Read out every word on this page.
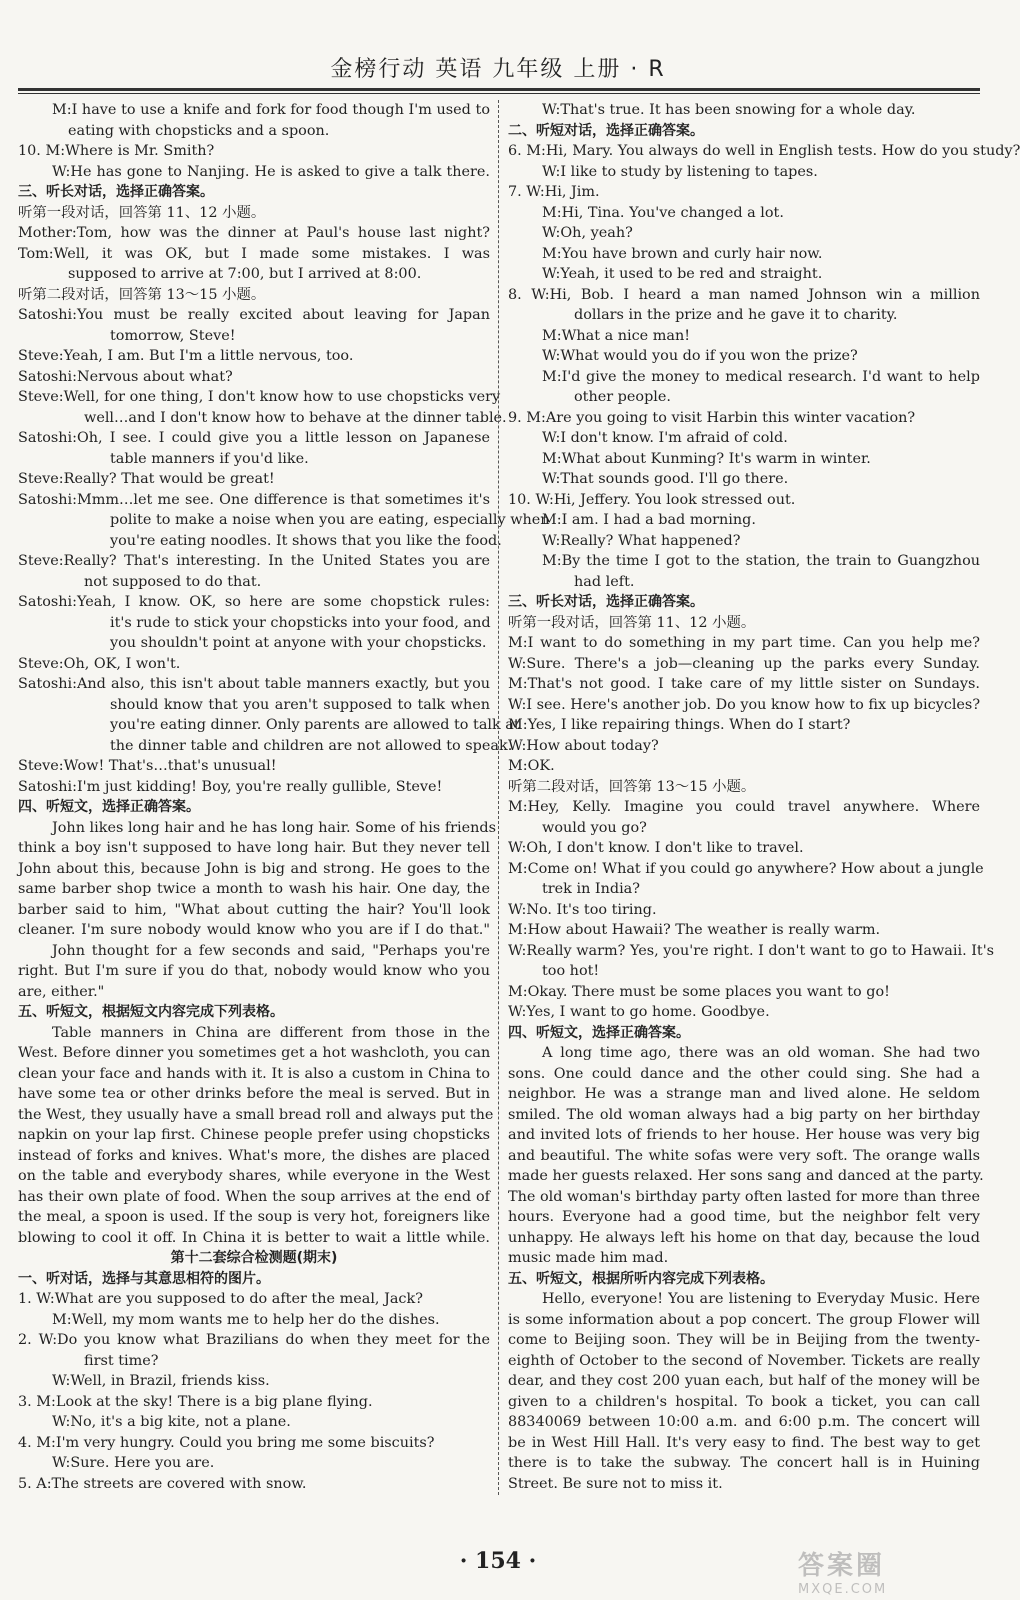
金榜行动 英语 九年级 上册 · R
M:I have to use a knife and fork for food though I'm used to
eating with chopsticks and a spoon.
10. M:Where is Mr. Smith?
W:He has gone to Nanjing. He is asked to give a talk there.
三、听长对话，选择正确答案。
听第一段对话，回答第 11、12 小题。
Mother:Tom, how was the dinner at Paul's house last night?
Tom:Well, it was OK, but I made some mistakes. I was
supposed to arrive at 7:00, but I arrived at 8:00.
听第二段对话，回答第 13～15 小题。
Satoshi:You must be really excited about leaving for Japan
tomorrow, Steve!
Steve:Yeah, I am. But I'm a little nervous, too.
Satoshi:Nervous about what?
Steve:Well, for one thing, I don't know how to use chopsticks very
well…and I don't know how to behave at the dinner table.
Satoshi:Oh, I see. I could give you a little lesson on Japanese
table manners if you'd like.
Steve:Really? That would be great!
Satoshi:Mmm…let me see. One difference is that sometimes it's
polite to make a noise when you are eating, especially when
you're eating noodles. It shows that you like the food.
Steve:Really? That's interesting. In the United States you are
not supposed to do that.
Satoshi:Yeah, I know. OK, so here are some chopstick rules:
it's rude to stick your chopsticks into your food, and
you shouldn't point at anyone with your chopsticks.
Steve:Oh, OK, I won't.
Satoshi:And also, this isn't about table manners exactly, but you
should know that you aren't supposed to talk when
you're eating dinner. Only parents are allowed to talk at
the dinner table and children are not allowed to speak.
Steve:Wow! That's…that's unusual!
Satoshi:I'm just kidding! Boy, you're really gullible, Steve!
四、听短文，选择正确答案。
John likes long hair and he has long hair. Some of his friends
think a boy isn't supposed to have long hair. But they never tell
John about this, because John is big and strong. He goes to the
same barber shop twice a month to wash his hair. One day, the
barber said to him, "What about cutting the hair? You'll look
cleaner. I'm sure nobody would know who you are if I do that."
John thought for a few seconds and said, "Perhaps you're
right. But I'm sure if you do that, nobody would know who you
are, either."
五、听短文，根据短文内容完成下列表格。
Table manners in China are different from those in the
West. Before dinner you sometimes get a hot washcloth, you can
clean your face and hands with it. It is also a custom in China to
have some tea or other drinks before the meal is served. But in
the West, they usually have a small bread roll and always put the
napkin on your lap first. Chinese people prefer using chopsticks
instead of forks and knives. What's more, the dishes are placed
on the table and everybody shares, while everyone in the West
has their own plate of food. When the soup arrives at the end of
the meal, a spoon is used. If the soup is very hot, foreigners like
blowing to cool it off. In China it is better to wait a little while.
第十二套综合检测题(期末)
一、听对话，选择与其意思相符的图片。
1. W:What are you supposed to do after the meal, Jack?
M:Well, my mom wants me to help her do the dishes.
2. W:Do you know what Brazilians do when they meet for the
first time?
W:Well, in Brazil, friends kiss.
3. M:Look at the sky! There is a big plane flying.
W:No, it's a big kite, not a plane.
4. M:I'm very hungry. Could you bring me some biscuits?
W:Sure. Here you are.
5. A:The streets are covered with snow.
W:That's true. It has been snowing for a whole day.
二、听短对话，选择正确答案。
6. M:Hi, Mary. You always do well in English tests. How do you study?
W:I like to study by listening to tapes.
7. W:Hi, Jim.
M:Hi, Tina. You've changed a lot.
W:Oh, yeah?
M:You have brown and curly hair now.
W:Yeah, it used to be red and straight.
8. W:Hi, Bob. I heard a man named Johnson win a million
dollars in the prize and he gave it to charity.
M:What a nice man!
W:What would you do if you won the prize?
M:I'd give the money to medical research. I'd want to help
other people.
9. M:Are you going to visit Harbin this winter vacation?
W:I don't know. I'm afraid of cold.
M:What about Kunming? It's warm in winter.
W:That sounds good. I'll go there.
10. W:Hi, Jeffery. You look stressed out.
M:I am. I had a bad morning.
W:Really? What happened?
M:By the time I got to the station, the train to Guangzhou
had left.
三、听长对话，选择正确答案。
听第一段对话，回答第 11、12 小题。
M:I want to do something in my part time. Can you help me?
W:Sure. There's a job—cleaning up the parks every Sunday.
M:That's not good. I take care of my little sister on Sundays.
W:I see. Here's another job. Do you know how to fix up bicycles?
M:Yes, I like repairing things. When do I start?
W:How about today?
M:OK.
听第二段对话，回答第 13～15 小题。
M:Hey, Kelly. Imagine you could travel anywhere. Where
would you go?
W:Oh, I don't know. I don't like to travel.
M:Come on! What if you could go anywhere? How about a jungle
trek in India?
W:No. It's too tiring.
M:How about Hawaii? The weather is really warm.
W:Really warm? Yes, you're right. I don't want to go to Hawaii. It's
too hot!
M:Okay. There must be some places you want to go!
W:Yes, I want to go home. Goodbye.
四、听短文，选择正确答案。
A long time ago, there was an old woman. She had two
sons. One could dance and the other could sing. She had a
neighbor. He was a strange man and lived alone. He seldom
smiled. The old woman always had a big party on her birthday
and invited lots of friends to her house. Her house was very big
and beautiful. The white sofas were very soft. The orange walls
made her guests relaxed. Her sons sang and danced at the party.
The old woman's birthday party often lasted for more than three
hours. Everyone had a good time, but the neighbor felt very
unhappy. He always left his home on that day, because the loud
music made him mad.
五、听短文，根据所听内容完成下列表格。
Hello, everyone! You are listening to Everyday Music. Here
is some information about a pop concert. The group Flower will
come to Beijing soon. They will be in Beijing from the twenty-
eighth of October to the second of November. Tickets are really
dear, and they cost 200 yuan each, but half of the money will be
given to a children's hospital. To book a ticket, you can call
88340069 between 10:00 a.m. and 6:00 p.m. The concert will
be in West Hill Hall. It's very easy to find. The best way to get
there is to take the subway. The concert hall is in Huining
Street. Be sure not to miss it.
· 154 ·	答案圈
MXQE.COM
